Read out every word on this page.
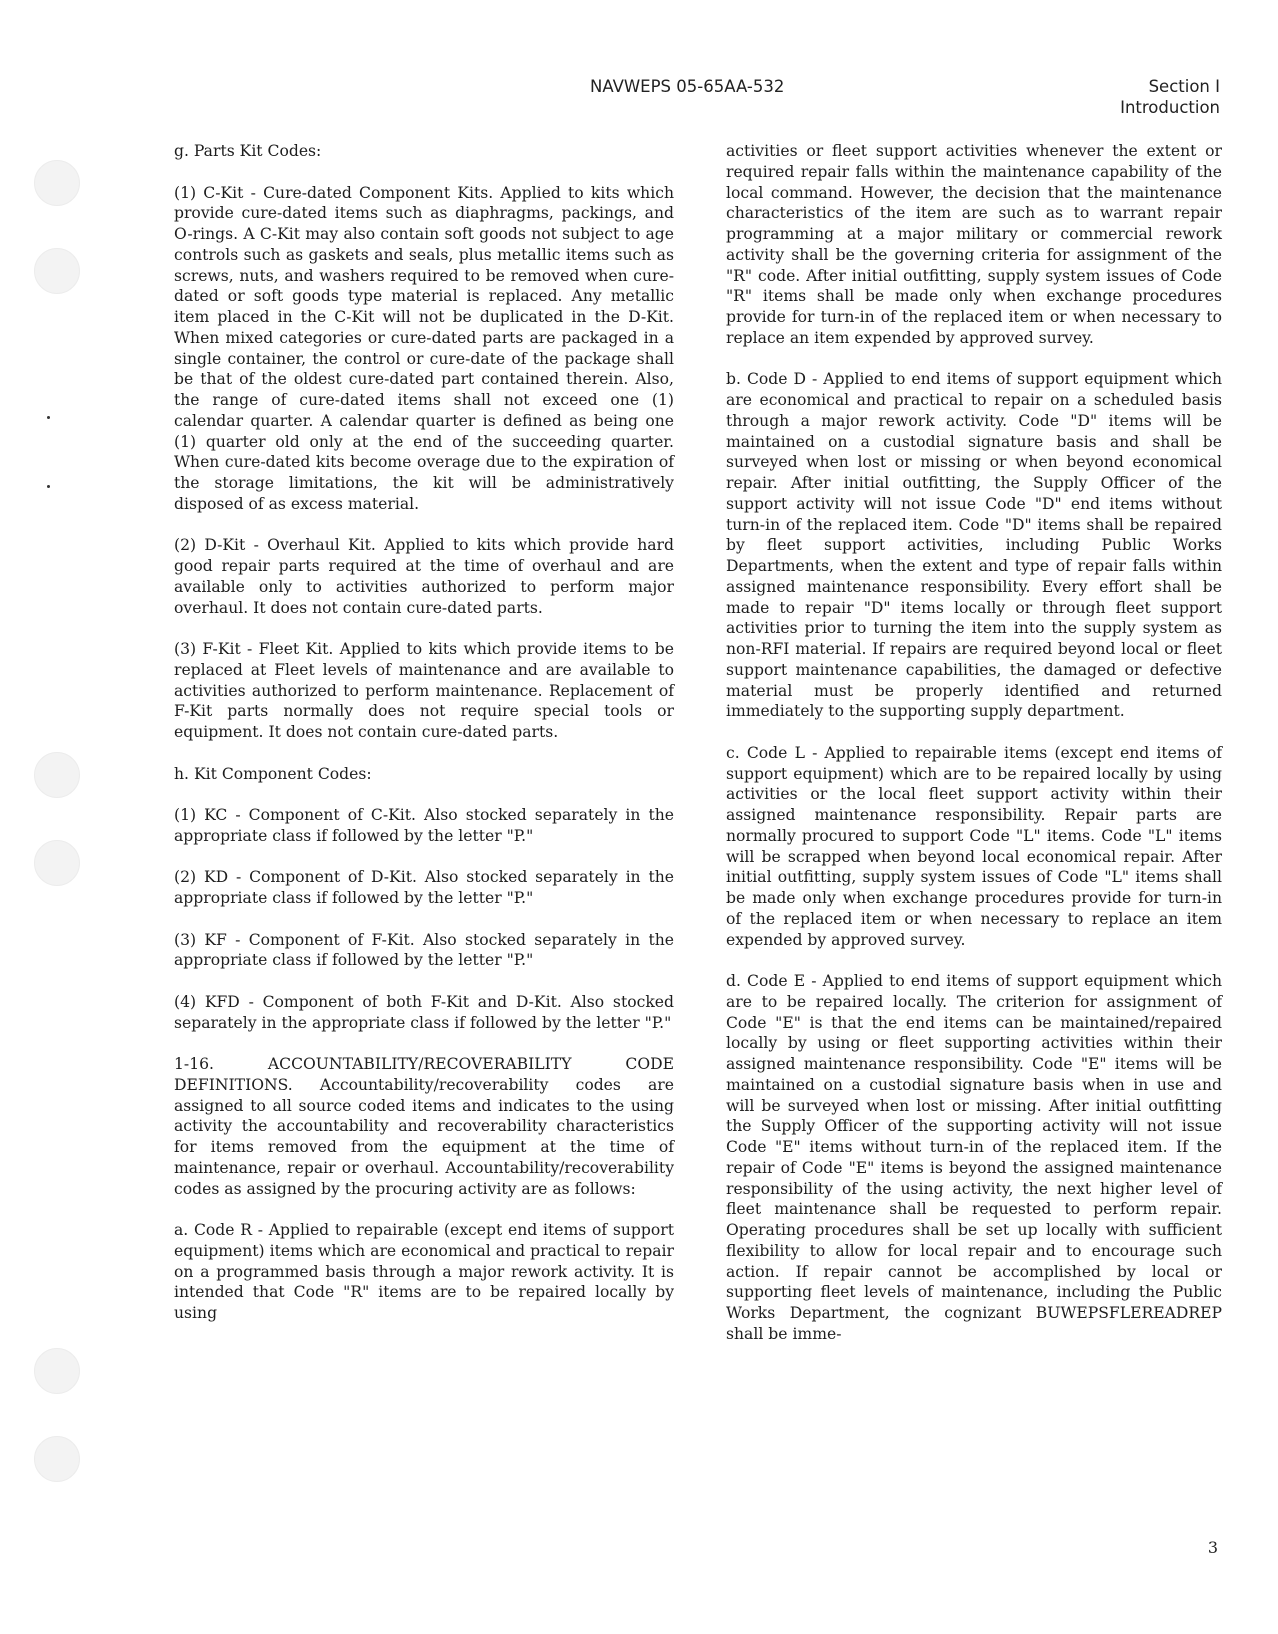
NAVWEPS 05-65AA-532	Section I
Introduction

g. Parts Kit Codes:

(1) C-Kit - Cure-dated Component Kits. Applied to kits which provide cure-dated items such as diaphragms, packings, and O-rings. A C-Kit may also contain soft goods not subject to age controls such as gaskets and seals, plus metallic items such as screws, nuts, and washers required to be removed when cure-dated or soft goods type material is replaced. Any metallic item placed in the C-Kit will not be duplicated in the D-Kit. When mixed categories or cure-dated parts are packaged in a single container, the control or cure-date of the package shall be that of the oldest cure-dated part contained therein. Also, the range of cure-dated items shall not exceed one (1) calendar quarter. A calendar quarter is defined as being one (1) quarter old only at the end of the succeeding quarter. When cure-dated kits become overage due to the expiration of the storage limitations, the kit will be administratively disposed of as excess material.

(2) D-Kit - Overhaul Kit. Applied to kits which provide hard good repair parts required at the time of overhaul and are available only to activities authorized to perform major overhaul. It does not contain cure-dated parts.

(3) F-Kit - Fleet Kit. Applied to kits which provide items to be replaced at Fleet levels of maintenance and are available to activities authorized to perform maintenance. Replacement of F-Kit parts normally does not require special tools or equipment. It does not contain cure-dated parts.

h. Kit Component Codes:

(1) KC - Component of C-Kit. Also stocked separately in the appropriate class if followed by the letter "P."

(2) KD - Component of D-Kit. Also stocked separately in the appropriate class if followed by the letter "P."

(3) KF - Component of F-Kit. Also stocked separately in the appropriate class if followed by the letter "P."

(4) KFD - Component of both F-Kit and D-Kit. Also stocked separately in the appropriate class if followed by the letter "P."

1-16. ACCOUNTABILITY/RECOVERABILITY CODE DEFINITIONS. Accountability/recoverability codes are assigned to all source coded items and indicates to the using activity the accountability and recoverability characteristics for items removed from the equipment at the time of maintenance, repair or overhaul. Accountability/recoverability codes as assigned by the procuring activity are as follows:

a. Code R - Applied to repairable (except end items of support equipment) items which are economical and practical to repair on a programmed basis through a major rework activity. It is intended that Code "R" items are to be repaired locally by using

activities or fleet support activities whenever the extent or required repair falls within the maintenance capability of the local command. However, the decision that the maintenance characteristics of the item are such as to warrant repair programming at a major military or commercial rework activity shall be the governing criteria for assignment of the "R" code. After initial outfitting, supply system issues of Code "R" items shall be made only when exchange procedures provide for turn-in of the replaced item or when necessary to replace an item expended by approved survey.

b. Code D - Applied to end items of support equipment which are economical and practical to repair on a scheduled basis through a major rework activity. Code "D" items will be maintained on a custodial signature basis and shall be surveyed when lost or missing or when beyond economical repair. After initial outfitting, the Supply Officer of the support activity will not issue Code "D" end items without turn-in of the replaced item. Code "D" items shall be repaired by fleet support activities, including Public Works Departments, when the extent and type of repair falls within assigned maintenance responsibility. Every effort shall be made to repair "D" items locally or through fleet support activities prior to turning the item into the supply system as non-RFI material. If repairs are required beyond local or fleet support maintenance capabilities, the damaged or defective material must be properly identified and returned immediately to the supporting supply department.

c. Code L - Applied to repairable items (except end items of support equipment) which are to be repaired locally by using activities or the local fleet support activity within their assigned maintenance responsibility. Repair parts are normally procured to support Code "L" items. Code "L" items will be scrapped when beyond local economical repair. After initial outfitting, supply system issues of Code "L" items shall be made only when exchange procedures provide for turn-in of the replaced item or when necessary to replace an item expended by approved survey.

d. Code E - Applied to end items of support equipment which are to be repaired locally. The criterion for assignment of Code "E" is that the end items can be maintained/repaired locally by using or fleet supporting activities within their assigned maintenance responsibility. Code "E" items will be maintained on a custodial signature basis when in use and will be surveyed when lost or missing. After initial outfitting the Supply Officer of the supporting activity will not issue Code "E" items without turn-in of the replaced item. If the repair of Code "E" items is beyond the assigned maintenance responsibility of the using activity, the next higher level of fleet maintenance shall be requested to perform repair. Operating procedures shall be set up locally with sufficient flexibility to allow for local repair and to encourage such action. If repair cannot be accomplished by local or supporting fleet levels of maintenance, including the Public Works Department, the cognizant BUWEPSFLEREADREP shall be imme-

3
